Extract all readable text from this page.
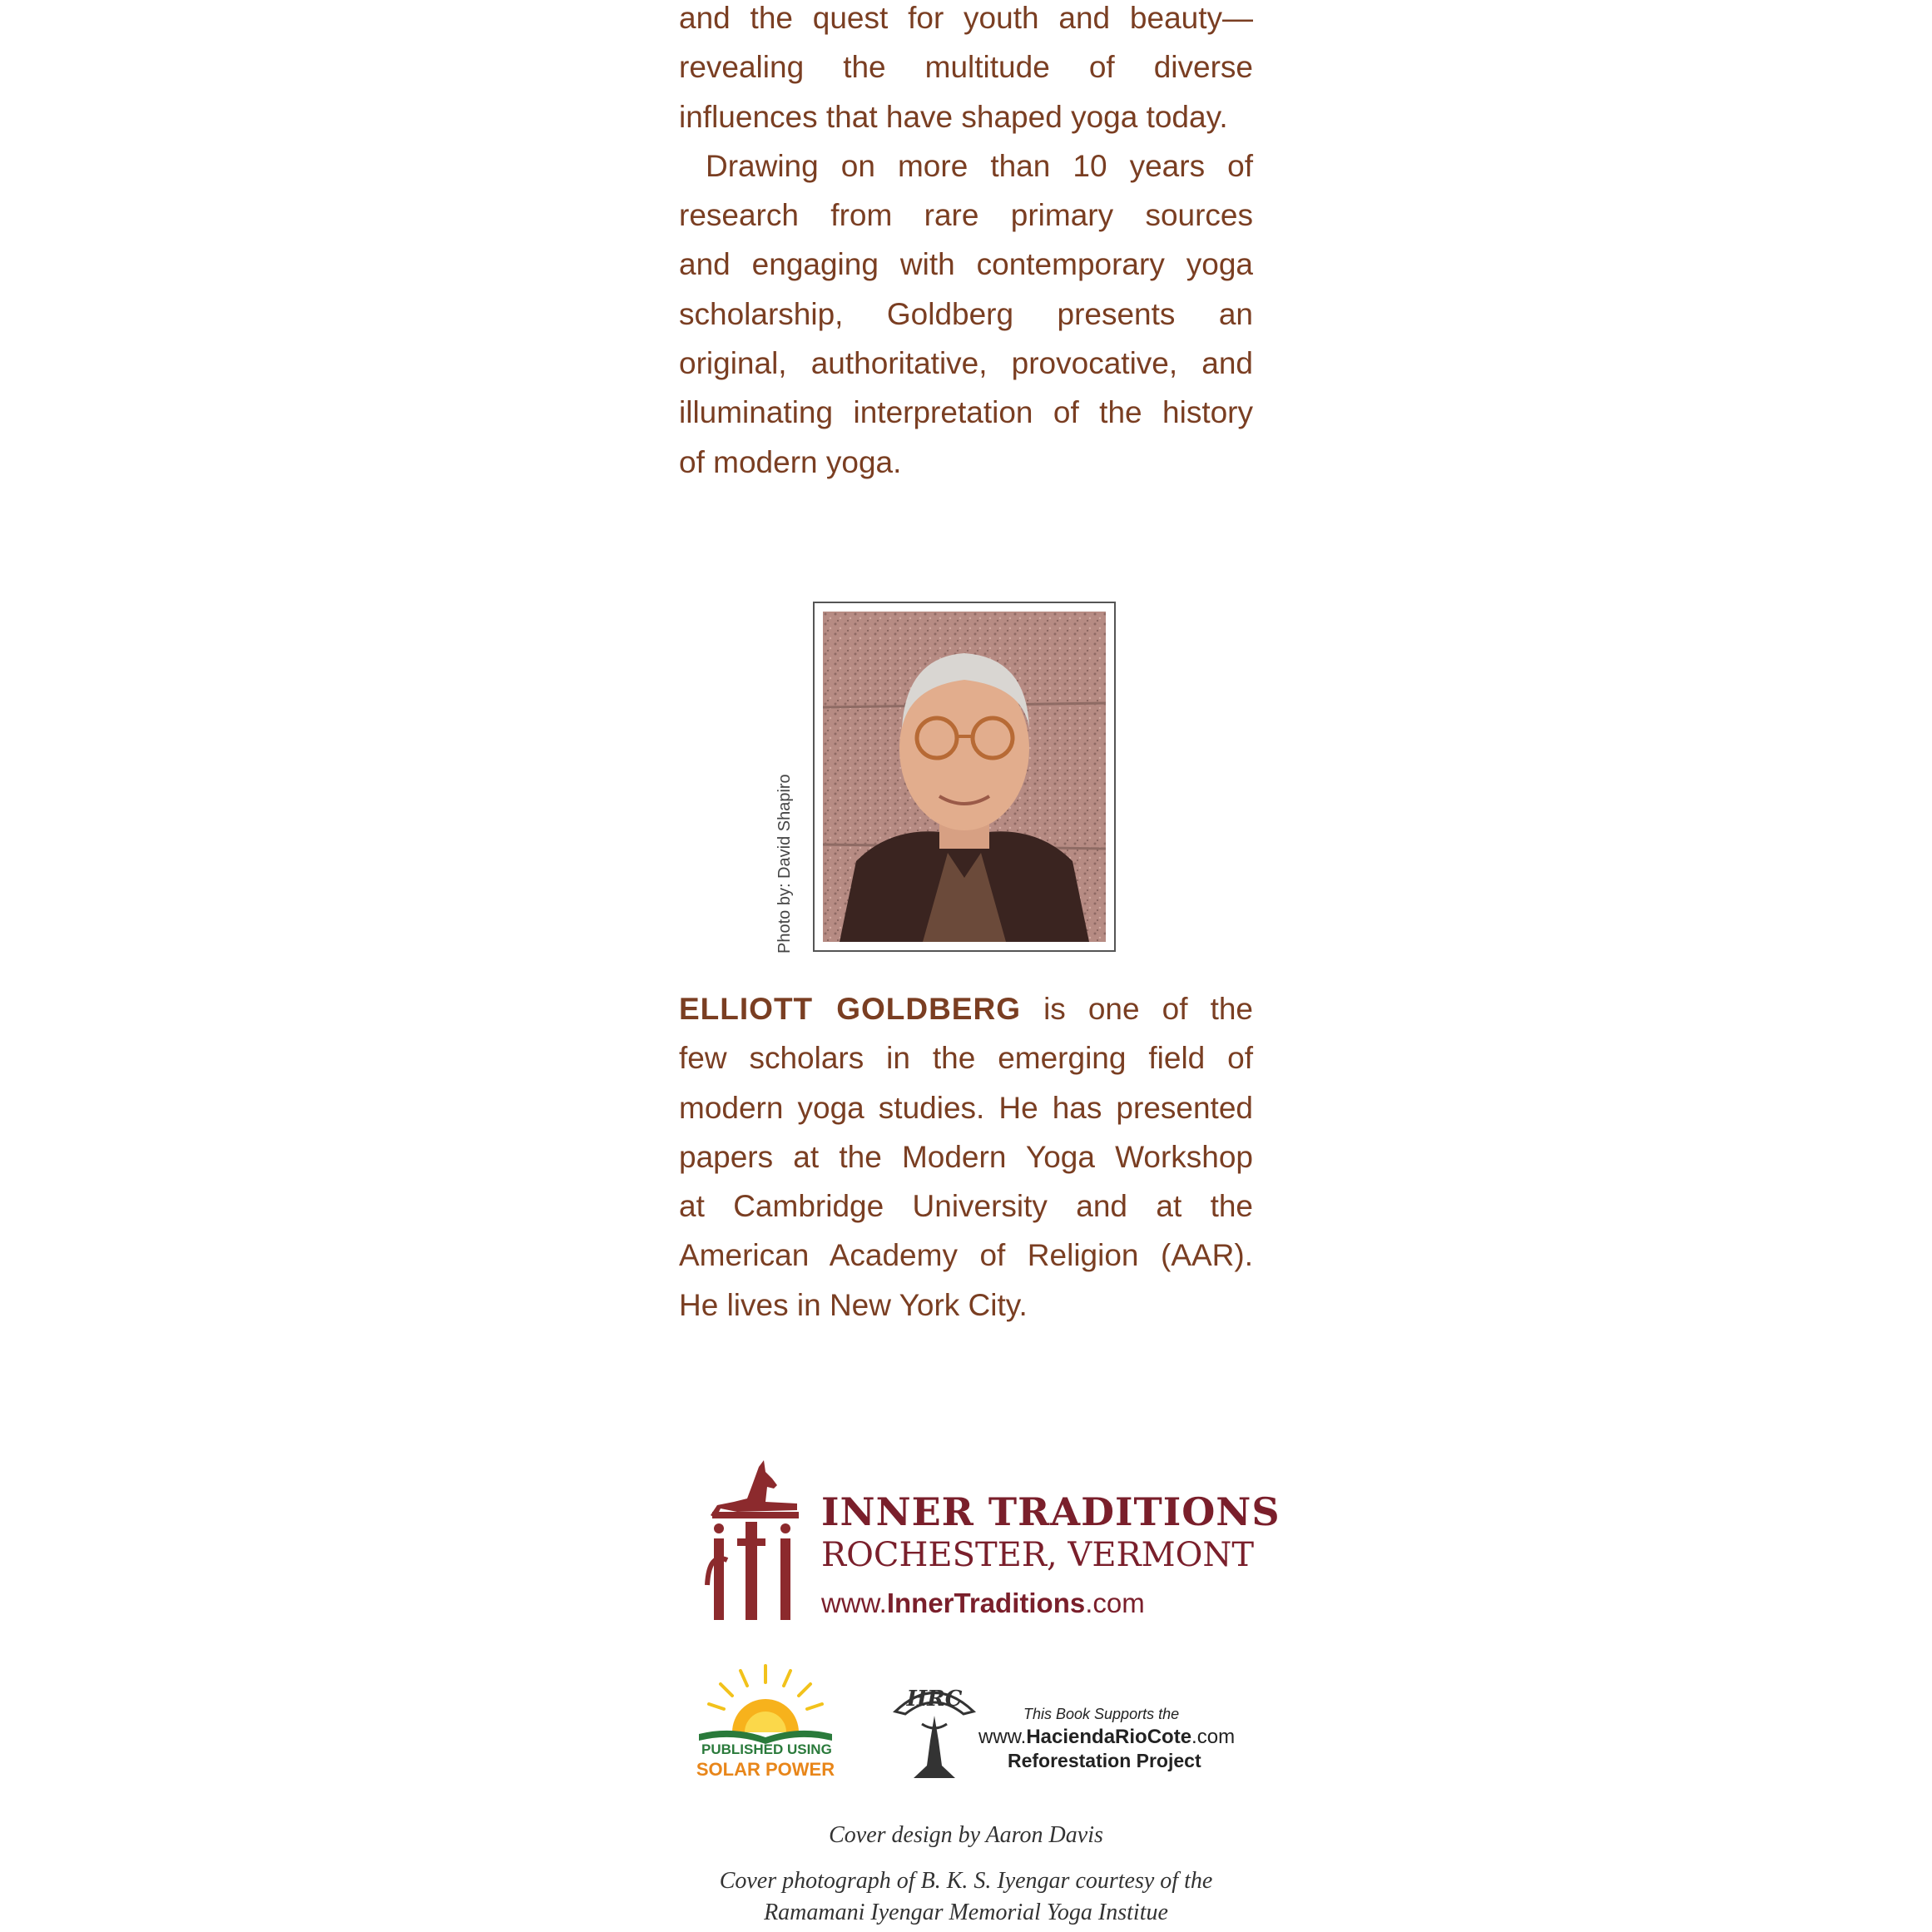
and the quest for youth and beauty—
revealing the multitude of diverse
influences that have shaped yoga today.
Drawing on more than 10 years of
research from rare primary sources
and engaging with contemporary yoga
scholarship, Goldberg presents an
original, authoritative, provocative, and
illuminating interpretation of the history
of modern yoga.
Photo by: David Shapiro
ELLIOTT GOLDBERG is one of the
few scholars in the emerging field of
modern yoga studies. He has presented
papers at the Modern Yoga Workshop
at Cambridge University and at the
American Academy of Religion (AAR).
He lives in New York City.
INNER TRADITIONS
ROCHESTER, VERMONT
www.InnerTraditions.com
PUBLISHED USING
SOLAR POWER
HRC
This Book Supports the
www.HaciendaRioCote.com
Reforestation Project
Cover design by Aaron Davis
Cover photograph of B. K. S. Iyengar courtesy of the
Ramamani Iyengar Memorial Yoga Institue
